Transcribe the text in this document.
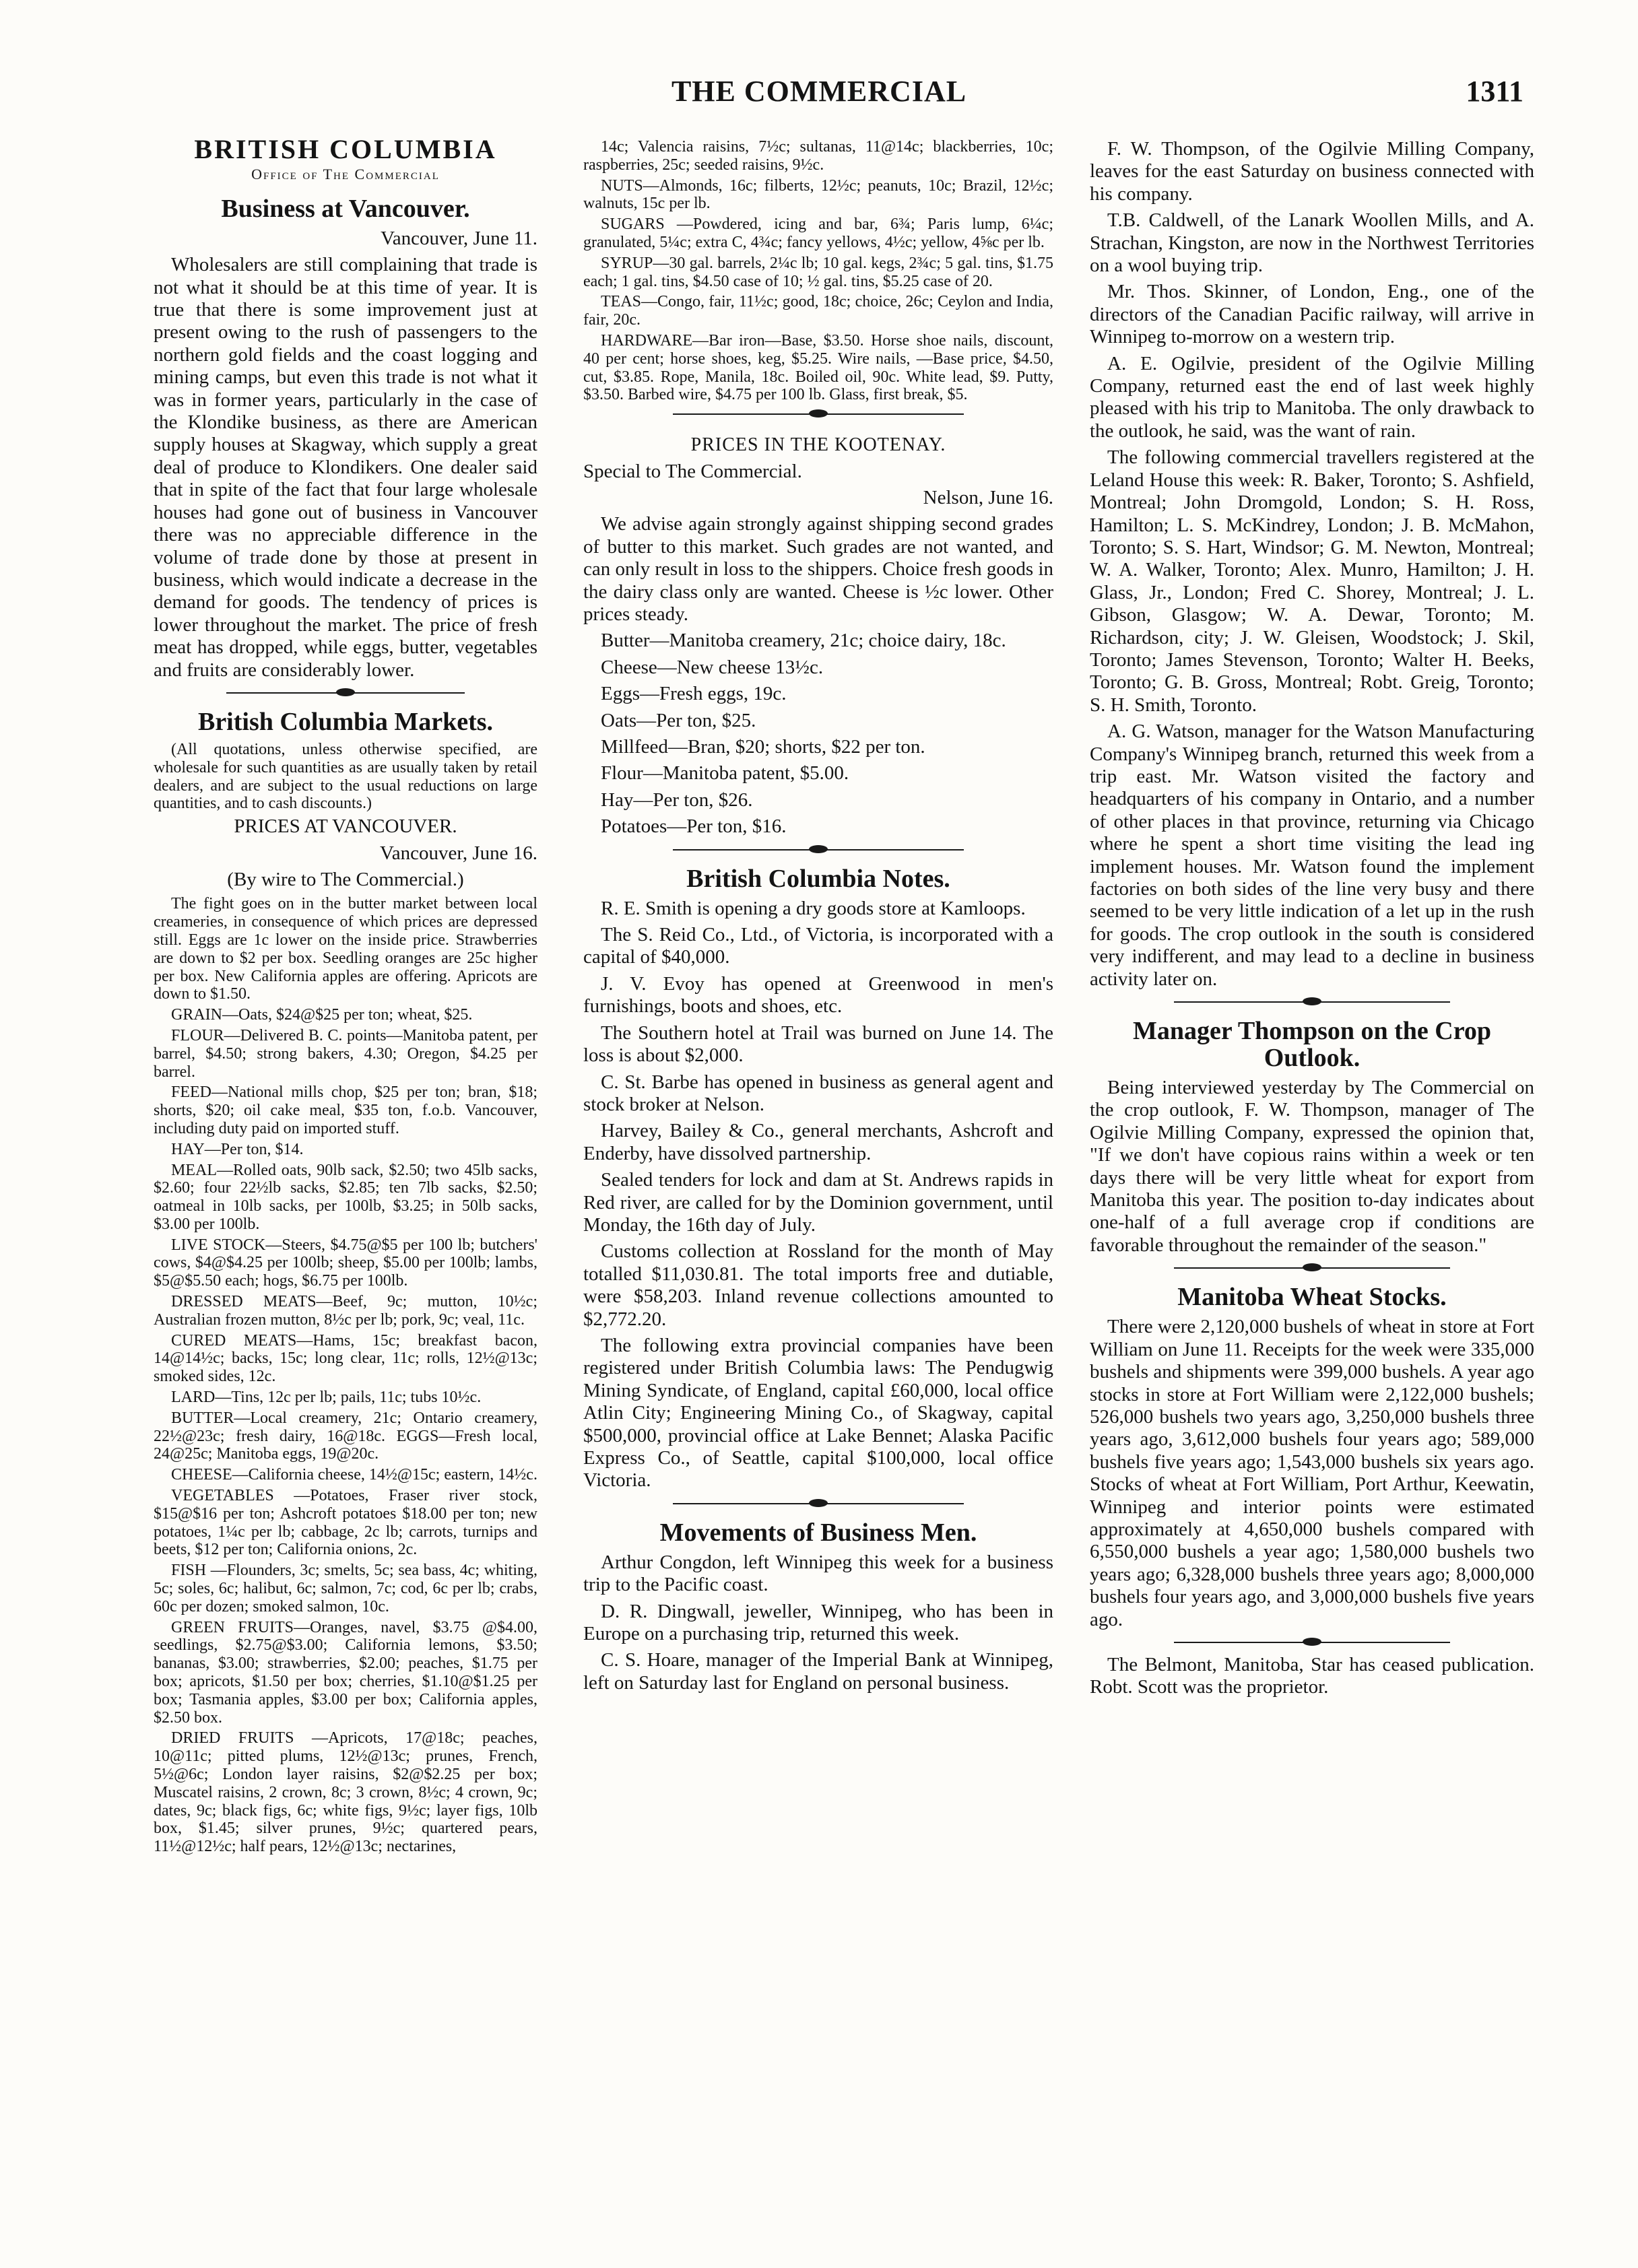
THE COMMERCIAL	1311
BRITISH COLUMBIA
Office of The Commercial
Business at Vancouver.

Vancouver, June 11.

Wholesalers are still complaining that trade is not what it should be at this time of year. It is true that there is some improvement just at present owing to the rush of passengers to the northern gold fields and the coast logging and mining camps, but even this trade is not what it was in former years, particularly in the case of the Klondike business, as there are American supply houses at Skagway, which supply a great deal of produce to Klondikers. One dealer said that in spite of the fact that four large wholesale houses had gone out of business in Vancouver there was no appreciable difference in the volume of trade done by those at present in business, which would indicate a decrease in the demand for goods. The tendency of prices is lower throughout the market. The price of fresh meat has dropped, while eggs, butter, vegetables and fruits are considerably lower.

British Columbia Markets.

(All quotations, unless otherwise specified, are wholesale for such quantities as are usually taken by retail dealers, and are subject to the usual reductions on large quantities, and to cash discounts.)

PRICES AT VANCOUVER.

Vancouver, June 16.

(By wire to The Commercial.)

The fight goes on in the butter market between local creameries, in consequence of which prices are depressed still. Eggs are 1c lower on the inside price. Strawberries are down to $2 per box. Seedling oranges are 25c higher per box. New California apples are offering. Apricots are down to $1.50.

GRAIN—Oats, $24@$25 per ton; wheat, $25.

FLOUR—Delivered B. C. points—Manitoba patent, per barrel, $4.50; strong bakers, 4.30; Oregon, $4.25 per barrel.

FEED—National mills chop, $25 per ton; bran, $18; shorts, $20; oil cake meal, $35 ton, f.o.b. Vancouver, including duty paid on imported stuff.

HAY—Per ton, $14.

MEAL—Rolled oats, 90lb sack, $2.50; two 45lb sacks, $2.60; four 22½lb sacks, $2.85; ten 7lb sacks, $2.50; oatmeal in 10lb sacks, per 100lb, $3.25; in 50lb sacks, $3.00 per 100lb.

LIVE STOCK—Steers, $4.75@$5 per 100 lb; butchers' cows, $4@$4.25 per 100lb; sheep, $5.00 per 100lb; lambs, $5@$5.50 each; hogs, $6.75 per 100lb.

DRESSED MEATS—Beef, 9c; mutton, 10½c; Australian frozen mutton, 8½c per lb; pork, 9c; veal, 11c.

CURED MEATS—Hams, 15c; breakfast bacon, 14@14½c; backs, 15c; long clear, 11c; rolls, 12½@13c; smoked sides, 12c.

LARD—Tins, 12c per lb; pails, 11c; tubs 10½c.

BUTTER—Local creamery, 21c; Ontario creamery, 22½@23c; fresh dairy, 16@18c. EGGS—Fresh local, 24@25c; Manitoba eggs, 19@20c.

CHEESE—California cheese, 14½@15c; eastern, 14½c.

VEGETABLES —Potatoes, Fraser river stock, $15@$16 per ton; Ashcroft potatoes $18.00 per ton; new potatoes, 1¼c per lb; cabbage, 2c lb; carrots, turnips and beets, $12 per ton; California onions, 2c.

FISH —Flounders, 3c; smelts, 5c; sea bass, 4c; whiting, 5c; soles, 6c; halibut, 6c; salmon, 7c; cod, 6c per lb; crabs, 60c per dozen; smoked salmon, 10c.

GREEN FRUITS—Oranges, navel, $3.75 @$4.00, seedlings, $2.75@$3.00; California lemons, $3.50; bananas, $3.00; strawberries, $2.00; peaches, $1.75 per box; apricots, $1.50 per box; cherries, $1.10@$1.25 per box; Tasmania apples, $3.00 per box; California apples, $2.50 box.

DRIED FRUITS —Apricots, 17@18c; peaches, 10@11c; pitted plums, 12½@13c; prunes, French, 5½@6c; London layer raisins, $2@$2.25 per box; Muscatel raisins, 2 crown, 8c; 3 crown, 8½c; 4 crown, 9c; dates, 9c; black figs, 6c; white figs, 9½c; layer figs, 10lb box, $1.45; silver prunes, 9½c; quartered pears, 11½@12½c; half pears, 12½@13c; nectarines,

14c; Valencia raisins, 7½c; sultanas, 11@14c; blackberries, 10c; raspberries, 25c; seeded raisins, 9½c.

NUTS—Almonds, 16c; filberts, 12½c; peanuts, 10c; Brazil, 12½c; walnuts, 15c per lb.

SUGARS —Powdered, icing and bar, 6¾; Paris lump, 6¼c; granulated, 5¼c; extra C, 4¾c; fancy yellows, 4½c; yellow, 4⅝c per lb.

SYRUP—30 gal. barrels, 2¼c lb; 10 gal. kegs, 2¾c; 5 gal. tins, $1.75 each; 1 gal. tins, $4.50 case of 10; ½ gal. tins, $5.25 case of 20.

TEAS—Congo, fair, 11½c; good, 18c; choice, 26c; Ceylon and India, fair, 20c.

HARDWARE—Bar iron—Base, $3.50. Horse shoe nails, discount, 40 per cent; horse shoes, keg, $5.25. Wire nails, —Base price, $4.50, cut, $3.85. Rope, Manila, 18c. Boiled oil, 90c. White lead, $9. Putty, $3.50. Barbed wire, $4.75 per 100 lb. Glass, first break, $5.

PRICES IN THE KOOTENAY.

Special to The Commercial.

Nelson, June 16.

We advise again strongly against shipping second grades of butter to this market. Such grades are not wanted, and can only result in loss to the shippers. Choice fresh goods in the dairy class only are wanted. Cheese is ½c lower. Other prices steady.

Butter—Manitoba creamery, 21c; choice dairy, 18c.

Cheese—New cheese 13½c.

Eggs—Fresh eggs, 19c.

Oats—Per ton, $25.

Millfeed—Bran, $20; shorts, $22 per ton.

Flour—Manitoba patent, $5.00.

Hay—Per ton, $26.

Potatoes—Per ton, $16.

British Columbia Notes.

R. E. Smith is opening a dry goods store at Kamloops.

The S. Reid Co., Ltd., of Victoria, is incorporated with a capital of $40,000.

J. V. Evoy has opened at Greenwood in men's furnishings, boots and shoes, etc.

The Southern hotel at Trail was burned on June 14. The loss is about $2,000.

C. St. Barbe has opened in business as general agent and stock broker at Nelson.

Harvey, Bailey & Co., general merchants, Ashcroft and Enderby, have dissolved partnership.

Sealed tenders for lock and dam at St. Andrews rapids in Red river, are called for by the Dominion government, until Monday, the 16th day of July.

Customs collection at Rossland for the month of May totalled $11,030.81. The total imports free and dutiable, were $58,203. Inland revenue collections amounted to $2,772.20.

The following extra provincial companies have been registered under British Columbia laws: The Pendugwig Mining Syndicate, of England, capital £60,000, local office Atlin City; Engineering Mining Co., of Skagway, capital $500,000, provincial office at Lake Bennet; Alaska Pacific Express Co., of Seattle, capital $100,000, local office Victoria.

Movements of Business Men.

Arthur Congdon, left Winnipeg this week for a business trip to the Pacific coast.

D. R. Dingwall, jeweller, Winnipeg, who has been in Europe on a purchasing trip, returned this week.

C. S. Hoare, manager of the Imperial Bank at Winnipeg, left on Saturday last for England on personal business.

F. W. Thompson, of the Ogilvie Milling Company, leaves for the east Saturday on business connected with his company.

T.B. Caldwell, of the Lanark Woollen Mills, and A. Strachan, Kingston, are now in the Northwest Territories on a wool buying trip.

Mr. Thos. Skinner, of London, Eng., one of the directors of the Canadian Pacific railway, will arrive in Winnipeg to-morrow on a western trip.

A. E. Ogilvie, president of the Ogilvie Milling Company, returned east the end of last week highly pleased with his trip to Manitoba. The only drawback to the outlook, he said, was the want of rain.

The following commercial travellers registered at the Leland House this week: R. Baker, Toronto; S. Ashfield, Montreal; John Dromgold, London; S. H. Ross, Hamilton; L. S. McKindrey, London; J. B. McMahon, Toronto; S. S. Hart, Windsor; G. M. Newton, Montreal; W. A. Walker, Toronto; Alex. Munro, Hamilton; J. H. Glass, Jr., London; Fred C. Shorey, Montreal; J. L. Gibson, Glasgow; W. A. Dewar, Toronto; M. Richardson, city; J. W. Gleisen, Woodstock; J. Skil, Toronto; James Stevenson, Toronto; Walter H. Beeks, Toronto; G. B. Gross, Montreal; Robt. Greig, Toronto; S. H. Smith, Toronto.

A. G. Watson, manager for the Watson Manufacturing Company's Winnipeg branch, returned this week from a trip east. Mr. Watson visited the factory and headquarters of his company in Ontario, and a number of other places in that province, returning via Chicago where he spent a short time visiting the lead ing implement houses. Mr. Watson found the implement factories on both sides of the line very busy and there seemed to be very little indication of a let up in the rush for goods. The crop outlook in the south is considered very indifferent, and may lead to a decline in business activity later on.

Manager Thompson on the Crop Outlook.

Being interviewed yesterday by The Commercial on the crop outlook, F. W. Thompson, manager of The Ogilvie Milling Company, expressed the opinion that, "If we don't have copious rains within a week or ten days there will be very little wheat for export from Manitoba this year. The position to-day indicates about one-half of a full average crop if conditions are favorable throughout the remainder of the season."

Manitoba Wheat Stocks.

There were 2,120,000 bushels of wheat in store at Fort William on June 11. Receipts for the week were 335,000 bushels and shipments were 399,000 bushels. A year ago stocks in store at Fort William were 2,122,000 bushels; 526,000 bushels two years ago, 3,250,000 bushels three years ago, 3,612,000 bushels four years ago; 589,000 bushels five years ago; 1,543,000 bushels six years ago. Stocks of wheat at Fort William, Port Arthur, Keewatin, Winnipeg and interior points were estimated approximately at 4,650,000 bushels compared with 6,550,000 bushels a year ago; 1,580,000 bushels two years ago; 6,328,000 bushels three years ago; 8,000,000 bushels four years ago, and 3,000,000 bushels five years ago.

The Belmont, Manitoba, Star has ceased publication. Robt. Scott was the proprietor.
